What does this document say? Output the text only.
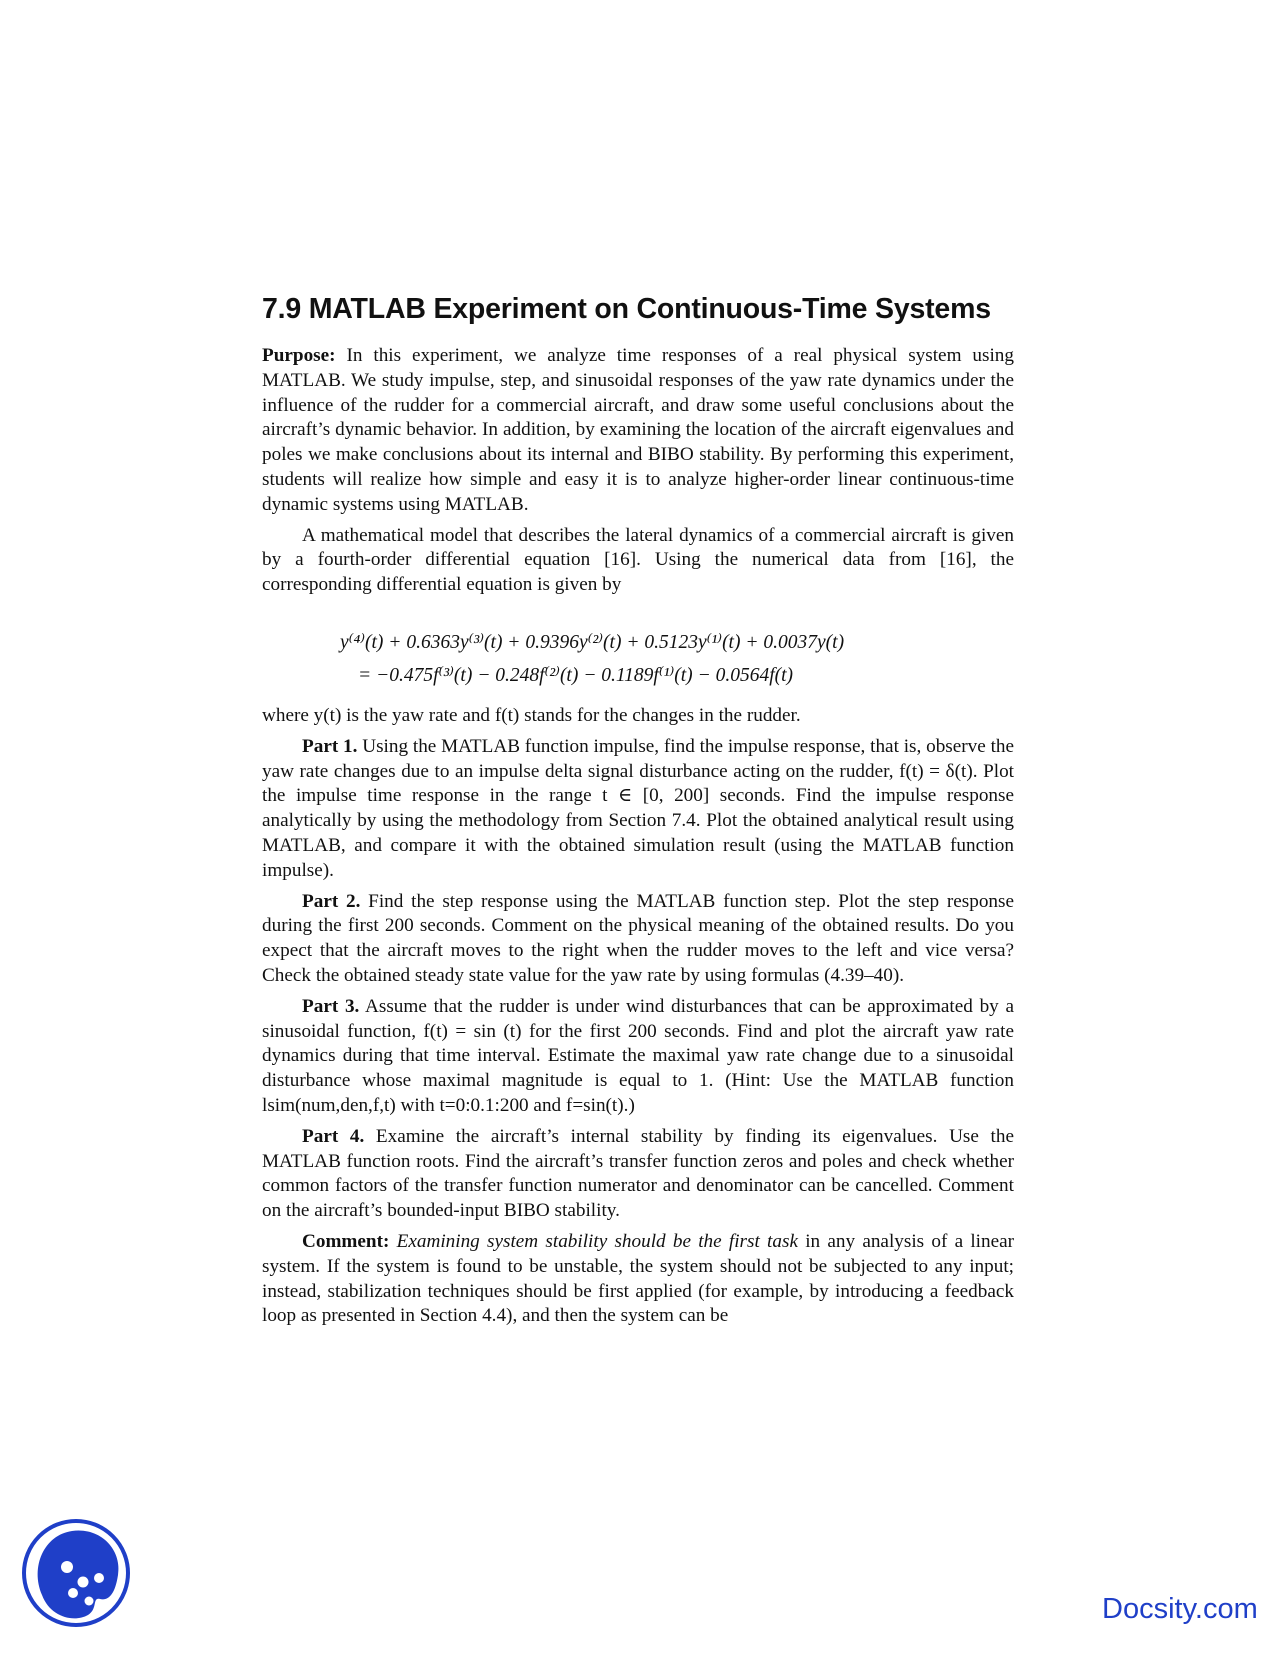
7.9 MATLAB Experiment on Continuous-Time Systems

Purpose: In this experiment, we analyze time responses of a real physical system using MATLAB. We study impulse, step, and sinusoidal responses of the yaw rate dynamics under the influence of the rudder for a commercial aircraft, and draw some useful conclusions about the aircraft’s dynamic behavior. In addition, by examining the location of the aircraft eigenvalues and poles we make conclusions about its internal and BIBO stability. By performing this experiment, students will realize how simple and easy it is to analyze higher-order linear continuous-time dynamic systems using MATLAB.

A mathematical model that describes the lateral dynamics of a commercial aircraft is given by a fourth-order differential equation [16]. Using the numerical data from [16], the corresponding differential equation is given by

y⁽⁴⁾(t) + 0.6363y⁽³⁾(t) + 0.9396y⁽²⁾(t) + 0.5123y⁽¹⁾(t) + 0.0037y(t)
= −0.475f⁽³⁾(t) − 0.248f⁽²⁾(t) − 0.1189f⁽¹⁾(t) − 0.0564f(t)

where y(t) is the yaw rate and f(t) stands for the changes in the rudder.

Part 1. Using the MATLAB function impulse, find the impulse response, that is, observe the yaw rate changes due to an impulse delta signal disturbance acting on the rudder, f(t) = δ(t). Plot the impulse time response in the range t ∈ [0, 200] seconds. Find the impulse response analytically by using the methodology from Section 7.4. Plot the obtained analytical result using MATLAB, and compare it with the obtained simulation result (using the MATLAB function impulse).

Part 2. Find the step response using the MATLAB function step. Plot the step response during the first 200 seconds. Comment on the physical meaning of the obtained results. Do you expect that the aircraft moves to the right when the rudder moves to the left and vice versa? Check the obtained steady state value for the yaw rate by using formulas (4.39–40).

Part 3. Assume that the rudder is under wind disturbances that can be approximated by a sinusoidal function, f(t) = sin (t) for the first 200 seconds. Find and plot the aircraft yaw rate dynamics during that time interval. Estimate the maximal yaw rate change due to a sinusoidal disturbance whose maximal magnitude is equal to 1. (Hint: Use the MATLAB function lsim(num,den,f,t) with t=0:0.1:200 and f=sin(t).)

Part 4. Examine the aircraft’s internal stability by finding its eigenvalues. Use the MATLAB function roots. Find the aircraft’s transfer function zeros and poles and check whether common factors of the transfer function numerator and denominator can be cancelled. Comment on the aircraft’s bounded-input BIBO stability.

Comment: Examining system stability should be the first task in any analysis of a linear system. If the system is found to be unstable, the system should not be subjected to any input; instead, stabilization techniques should be first applied (for example, by introducing a feedback loop as presented in Section 4.4), and then the system can be

Docsity.com
